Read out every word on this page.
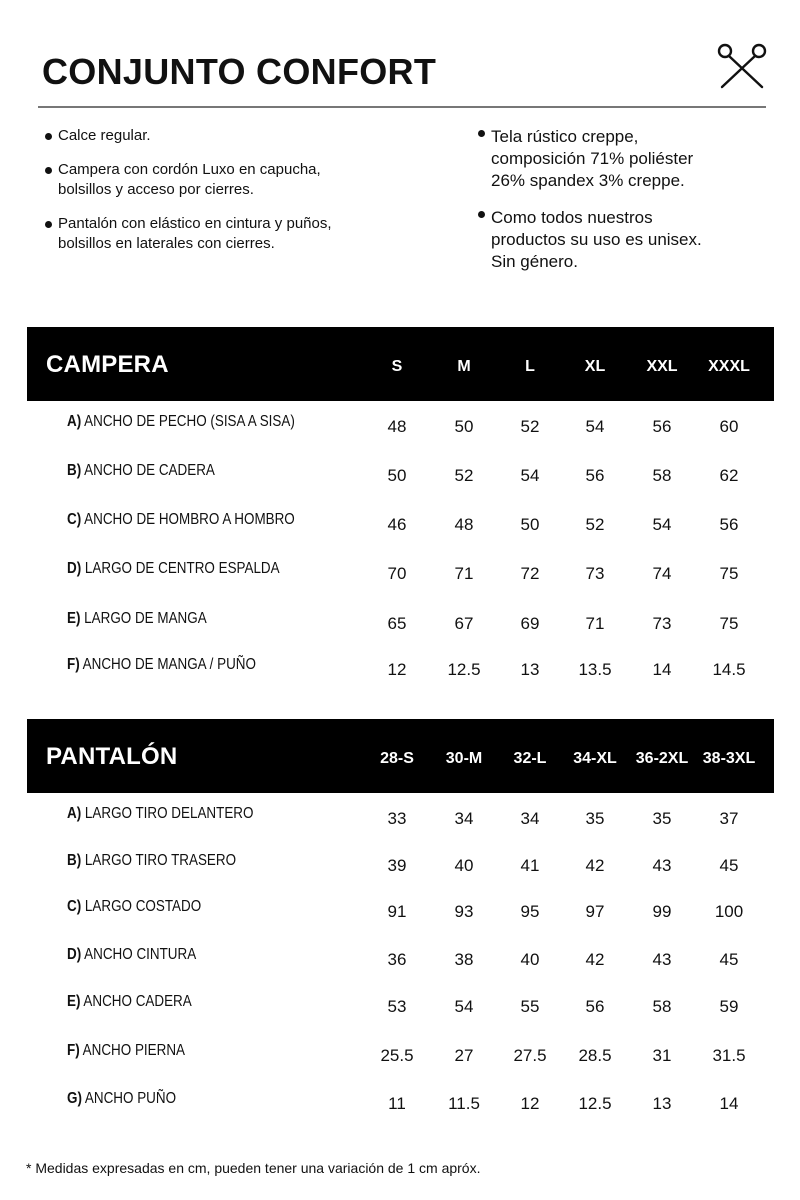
CONJUNTO CONFORT
Calce regular.
Campera con cordón Luxo en capucha,
bolsillos y acceso por cierres.
Pantalón con elástico en cintura y puños,
bolsillos en laterales con cierres.
Tela rústico creppe,
composición 71% poliéster
26% spandex 3% creppe.
Como todos nuestros
productos su uso es unisex.
Sin género.
CAMPERA	S	M	L	XL	XXL	XXXL
A) ANCHO DE PECHO (SISA A SISA)	48	50	52	54	56	60
B) ANCHO DE CADERA	50	52	54	56	58	62
C) ANCHO DE HOMBRO A HOMBRO	46	48	50	52	54	56
D) LARGO DE CENTRO ESPALDA	70	71	72	73	74	75
E) LARGO DE MANGA	65	67	69	71	73	75
F) ANCHO DE MANGA / PUÑO	12	12.5	13	13.5	14	14.5
PANTALÓN	28-S	30-M	32-L	34-XL	36-2XL 38-3XL
A) LARGO TIRO DELANTERO	33	34	34	35	35	37
B) LARGO TIRO TRASERO	39	40	41	42	43	45
C) LARGO COSTADO	91	93	95	97	99	100
D) ANCHO CINTURA	36	38	40	42	43	45
E) ANCHO CADERA	53	54	55	56	58	59
F) ANCHO PIERNA	25.5	27	27.5	28.5	31	31.5
G) ANCHO PUÑO	11	11.5	12	12.5	13	14
* Medidas expresadas en cm, pueden tener una variación de 1 cm apróx.
